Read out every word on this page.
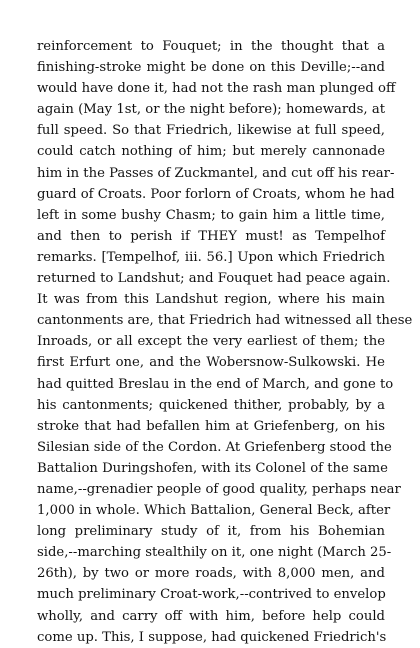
reinforcement to Fouquet; in the thought that a
finishing-stroke might be done on this Deville;--and
would have done it, had not the rash man plunged off
again (May 1st, or the night before); homewards, at
full speed. So that Friedrich, likewise at full speed,
could catch nothing of him; but merely cannonade
him in the Passes of Zuckmantel, and cut off his rear-
guard of Croats. Poor forlorn of Croats, whom he had
left in some bushy Chasm; to gain him a little time,
and then to perish if THEY must! as Tempelhof
remarks. [Tempelhof, iii. 56.] Upon which Friedrich
returned to Landshut; and Fouquet had peace again.
It was from this Landshut region, where his main
cantonments are, that Friedrich had witnessed all these
Inroads, or all except the very earliest of them; the
first Erfurt one, and the Wobersnow-Sulkowski. He
had quitted Breslau in the end of March, and gone to
his cantonments; quickened thither, probably, by a
stroke that had befallen him at Griefenberg, on his
Silesian side of the Cordon. At Griefenberg stood the
Battalion Duringshofen, with its Colonel of the same
name,--grenadier people of good quality, perhaps near
1,000 in whole. Which Battalion, General Beck, after
long preliminary study of it, from his Bohemian
side,--marching stealthily on it, one night (March 25-
26th), by two or more roads, with 8,000 men, and
much preliminary Croat-work,--contrived to envelop
wholly, and carry off with him, before help could
come up. This, I suppose, had quickened Friedrich's
